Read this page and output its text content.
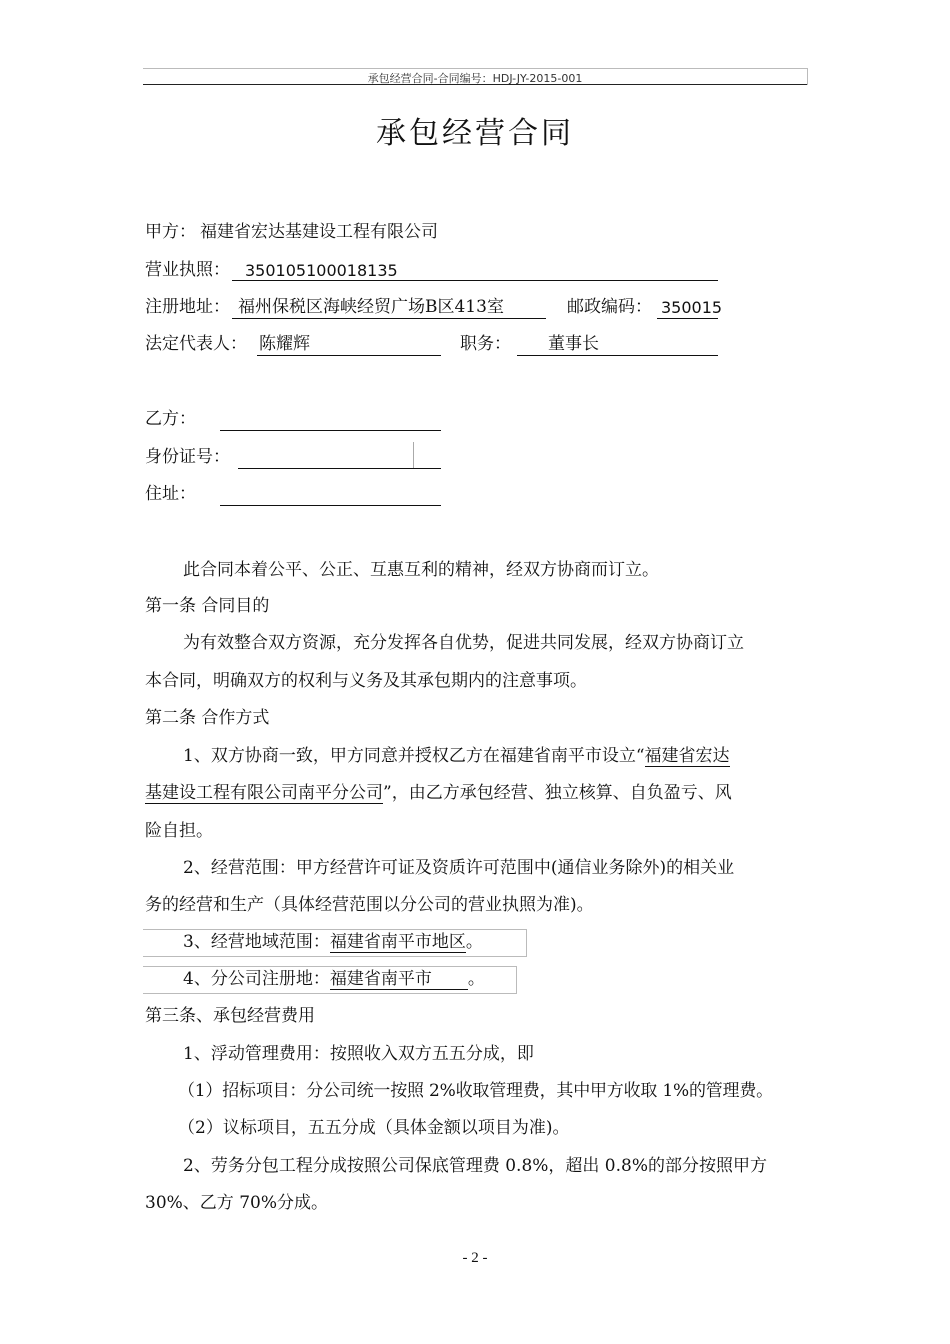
承包经营合同-合同编号：HDJ-JY-2015-001
承包经营合同
甲方： 福建省宏达基建设工程有限公司
营业执照： 350105100018135
注册地址： 福州保税区海峡经贸广场B区413室	邮政编码： 350015
法定代表人： 陈耀辉	职务： 董事长
乙方：
身份证号：
住址：
此合同本着公平、公正、互惠互利的精神，经双方协商而订立。
第一条 合同目的
为有效整合双方资源，充分发挥各自优势，促进共同发展，经双方协商订立
本合同，明确双方的权利与义务及其承包期内的注意事项。
第二条 合作方式
1、双方协商一致，甲方同意并授权乙方在福建省南平市设立“福建省宏达
基建设工程有限公司南平分公司”，由乙方承包经营、独立核算、自负盈亏、风
险自担。
2、经营范围：甲方经营许可证及资质许可范围中(通信业务除外)的相关业
务的经营和生产（具体经营范围以分公司的营业执照为准)。
3、经营地域范围：福建省南平市地区。
4、分公司注册地：福建省南平市 。
第三条、承包经营费用
1、浮动管理费用：按照收入双方五五分成，即
（1）招标项目：分公司统一按照 2%收取管理费，其中甲方收取 1%的管理费。
（2）议标项目，五五分成（具体金额以项目为准)。
2、劳务分包工程分成按照公司保底管理费 0.8%，超出 0.8%的部分按照甲方
30%、乙方 70%分成。
- 2 -
